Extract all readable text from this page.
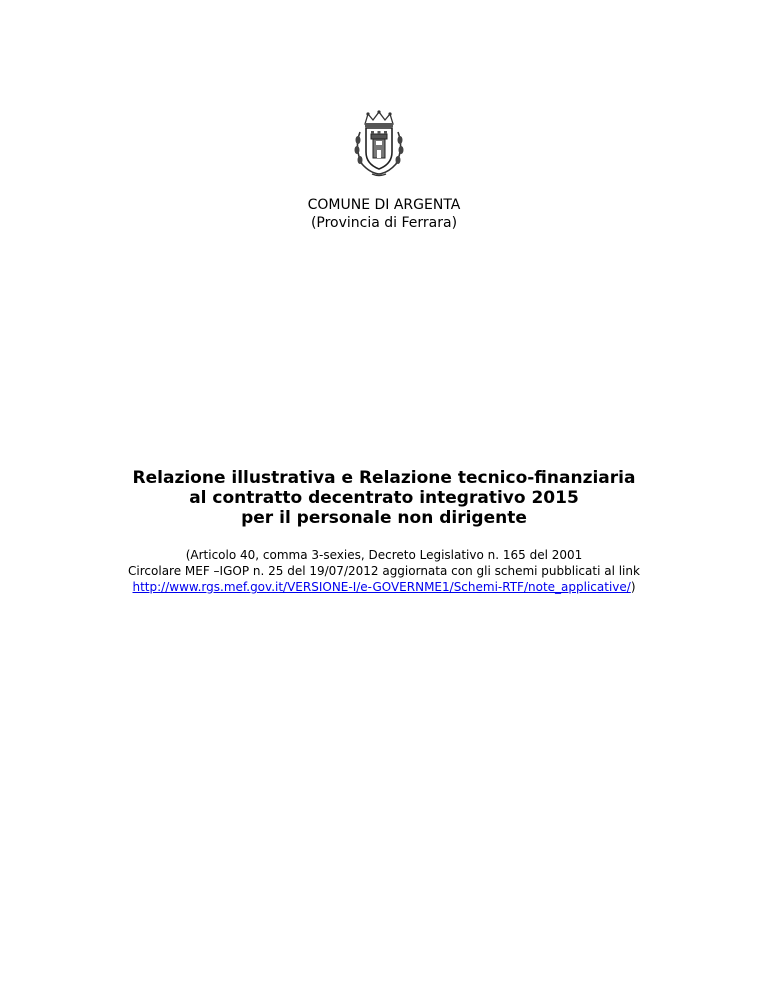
COMUNE DI ARGENTA
(Provincia di Ferrara)
Relazione illustrativa e Relazione tecnico-finanziaria
al contratto decentrato integrativo 2015
per il personale non dirigente
(Articolo 40, comma 3-sexies, Decreto Legislativo n. 165 del 2001
Circolare MEF –IGOP n. 25 del 19/07/2012 aggiornata con gli schemi pubblicati al link
http://www.rgs.mef.gov.it/VERSIONE-I/e-GOVERNME1/Schemi-RTF/note_applicative/)
